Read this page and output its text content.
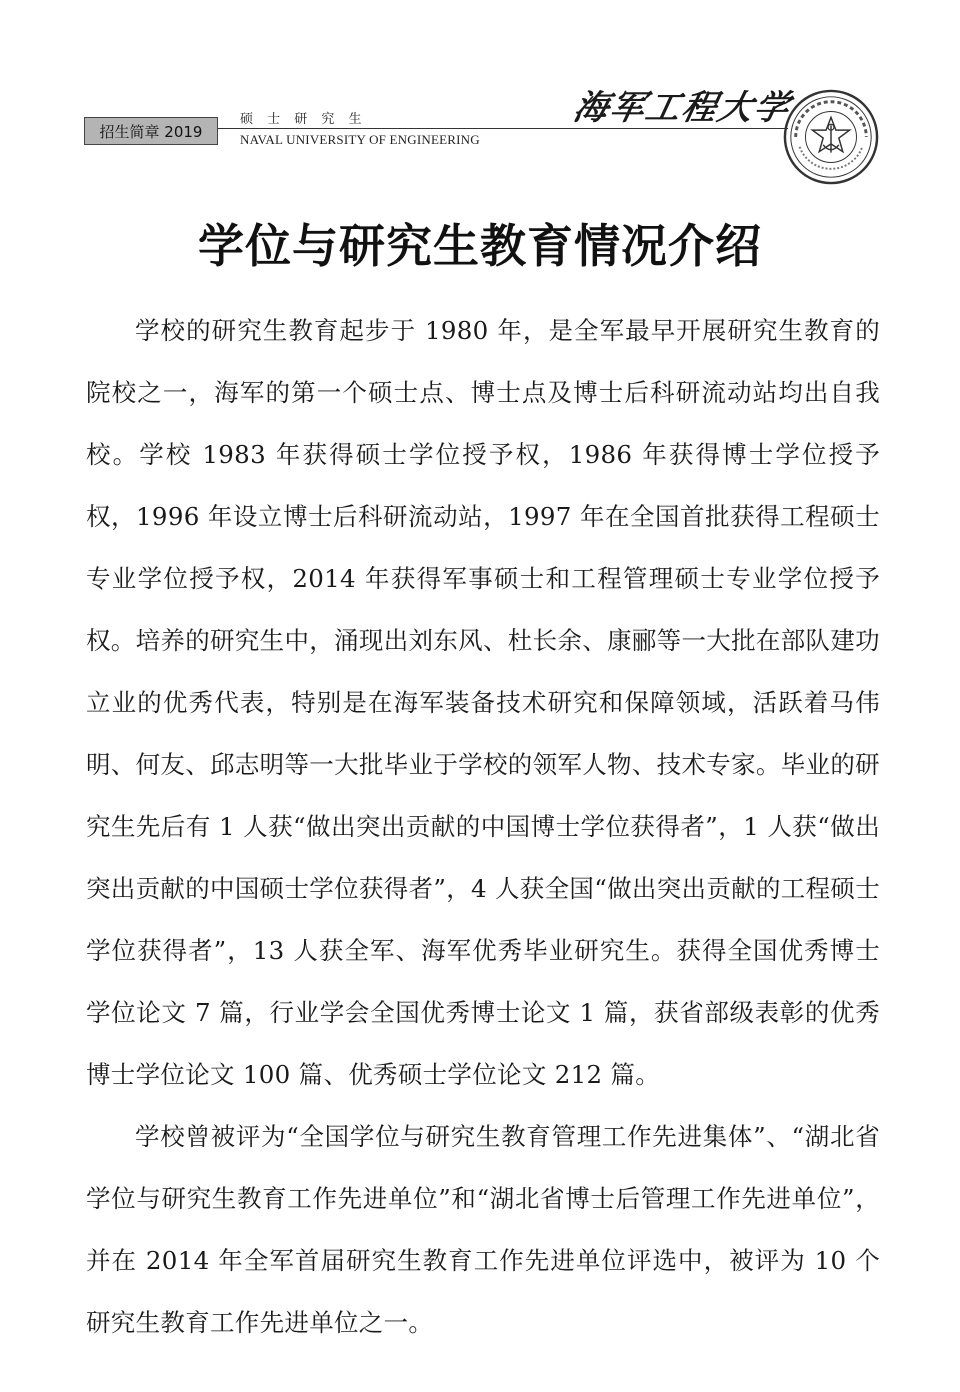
招生简章 2019
硕 士 研 究 生
NAVAL UNIVERSITY OF ENGINEERING
海军工程大学
学位与研究生教育情况介绍

学校的研究生教育起步于 1980 年，是全军最早开展研究生教育的院校之一，海军的第一个硕士点、博士点及博士后科研流动站均出自我校。学校 1983 年获得硕士学位授予权，1986 年获得博士学位授予权，1996 年设立博士后科研流动站，1997 年在全国首批获得工程硕士专业学位授予权，2014 年获得军事硕士和工程管理硕士专业学位授予权。培养的研究生中，涌现出刘东风、杜长余、康郦等一大批在部队建功立业的优秀代表，特别是在海军装备技术研究和保障领域，活跃着马伟明、何友、邱志明等一大批毕业于学校的领军人物、技术专家。毕业的研究生先后有 1 人获“做出突出贡献的中国博士学位获得者”，1 人获“做出突出贡献的中国硕士学位获得者”，4 人获全国“做出突出贡献的工程硕士学位获得者”，13 人获全军、海军优秀毕业研究生。获得全国优秀博士学位论文 7 篇，行业学会全国优秀博士论文 1 篇，获省部级表彰的优秀博士学位论文 100 篇、优秀硕士学位论文 212 篇。

学校曾被评为“全国学位与研究生教育管理工作先进集体”、“湖北省学位与研究生教育工作先进单位”和“湖北省博士后管理工作先进单位”，并在 2014 年全军首届研究生教育工作先进单位评选中，被评为 10 个研究生教育工作先进单位之一。
